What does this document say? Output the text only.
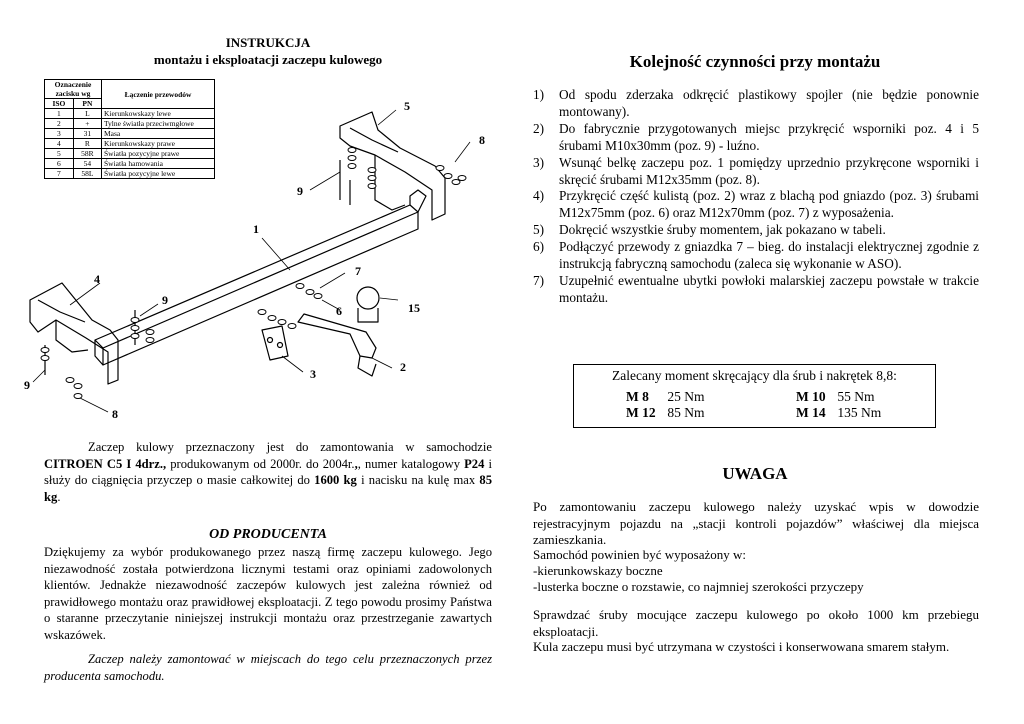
INSTRUKCJA
montażu i eksploatacji zaczepu kulowego
Oznaczenie zacisku wg		Łączenie przewodów
ISO	PN	
1	L	Kierunkowskazy lewe
2	+	Tylne światła przeciwmgłowe
3	31	Masa
4	R	Kierunkowskazy prawe
5	58R	Światła pozycyjne prawe
6	54	Światła hamowania
7	58L	Światła pozycyjne lewe
1
2
3
4
5
6
7
8
8
9
9
9
15
Zaczep kulowy przeznaczony jest do zamontowania w samochodzie CITROEN C5 I 4drz., produkowanym od 2000r. do 2004r.,, numer katalogowy P24 i służy do ciągnięcia przyczep o masie całkowitej do 1600 kg i nacisku na kulę max 85 kg.
OD PRODUCENTA
Dziękujemy za wybór produkowanego przez naszą firmę zaczepu kulowego. Jego niezawodność została potwierdzona licznymi testami oraz opiniami zadowolonych klientów. Jednakże niezawodność zaczepów kulowych jest zależna również od prawidłowego montażu oraz prawidłowej eksploatacji. Z tego powodu prosimy Państwa o staranne przeczytanie niniejszej instrukcji montażu oraz przestrzeganie zawartych wskazówek.
Zaczep należy zamontować w miejscach do tego celu przeznaczonych przez producenta samochodu.
Kolejność czynności przy montażu
1) Od spodu zderzaka odkręcić plastikowy spojler (nie będzie ponownie montowany).
2) Do fabrycznie przygotowanych miejsc przykręcić wsporniki poz. 4 i 5 śrubami M10x30mm (poz. 9) - luźno.
3) Wsunąć belkę zaczepu poz. 1 pomiędzy uprzednio przykręcone wsporniki i skręcić śrubami M12x35mm (poz. 8).
4) Przykręcić część kulistą (poz. 2) wraz z blachą pod gniazdo (poz. 3) śrubami M12x75mm (poz. 6) oraz M12x70mm (poz. 7) z wyposażenia.
5) Dokręcić wszystkie śruby momentem, jak pokazano w tabeli.
6) Podłączyć przewody z gniazdka 7 – bieg. do instalacji elektrycznej zgodnie z instrukcją fabryczną samochodu (zaleca się wykonanie w ASO).
7) Uzupełnić ewentualne ubytki powłoki malarskiej zaczepu powstałe w trakcie montażu.
Zalecany moment skręcający dla śrub i nakrętek 8,8:
M 8 25 Nm	M 10 55 Nm
M 12 85 Nm	M 14 135 Nm
UWAGA
Po zamontowaniu zaczepu kulowego należy uzyskać wpis w dowodzie rejestracyjnym pojazdu na „stacji kontroli pojazdów” właściwej dla miejsca zamieszkania.
Samochód powinien być wyposażony w:
-kierunkowskazy boczne
-lusterka boczne o rozstawie, co najmniej szerokości przyczepy
Sprawdzać śruby mocujące zaczepu kulowego po około 1000 km przebiegu eksploatacji.
Kula zaczepu musi być utrzymana w czystości i konserwowana smarem stałym.
